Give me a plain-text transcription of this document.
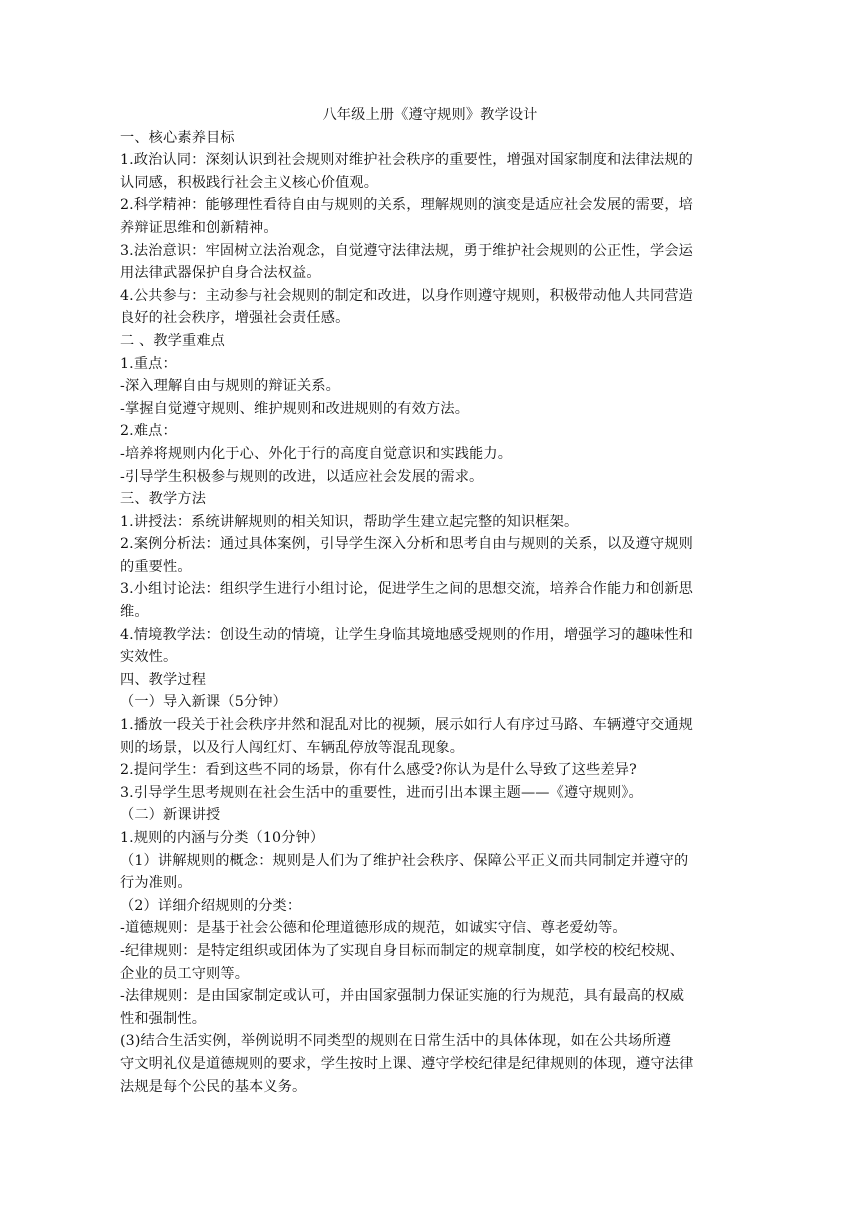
八年级上册《遵守规则》教学设计

一、核心素养目标

1.政治认同：深刻认识到社会规则对维护社会秩序的重要性，增强对国家制度和法律法规的

认同感，积极践行社会主义核心价值观。

2.科学精神：能够理性看待自由与规则的关系，理解规则的演变是适应社会发展的需要，培

养辩证思维和创新精神。

3.法治意识：牢固树立法治观念，自觉遵守法律法规，勇于维护社会规则的公正性，学会运

用法律武器保护自身合法权益。

4.公共参与：主动参与社会规则的制定和改进，以身作则遵守规则，积极带动他人共同营造

良好的社会秩序，增强社会责任感。

二 、教学重难点

1.重点：

-深入理解自由与规则的辩证关系。

-掌握自觉遵守规则、维护规则和改进规则的有效方法。

2.难点：

-培养将规则内化于心、外化于行的高度自觉意识和实践能力。

-引导学生积极参与规则的改进，以适应社会发展的需求。

三、教学方法

1.讲授法：系统讲解规则的相关知识，帮助学生建立起完整的知识框架。

2.案例分析法：通过具体案例，引导学生深入分析和思考自由与规则的关系，以及遵守规则

的重要性。

3.小组讨论法：组织学生进行小组讨论，促进学生之间的思想交流，培养合作能力和创新思

维。

4.情境教学法：创设生动的情境，让学生身临其境地感受规则的作用，增强学习的趣味性和

实效性。

四、教学过程

（一）导入新课（5分钟）

1.播放一段关于社会秩序井然和混乱对比的视频，展示如行人有序过马路、车辆遵守交通规

则的场景，以及行人闯红灯、车辆乱停放等混乱现象。

2.提问学生：看到这些不同的场景，你有什么感受?你认为是什么导致了这些差异?

3.引导学生思考规则在社会生活中的重要性，进而引出本课主题——《遵守规则》。

（二）新课讲授

1.规则的内涵与分类（10分钟）

（1）讲解规则的概念：规则是人们为了维护社会秩序、保障公平正义而共同制定并遵守的

行为准则。

（2）详细介绍规则的分类：

-道德规则：是基于社会公德和伦理道德形成的规范，如诚实守信、尊老爱幼等。

-纪律规则：是特定组织或团体为了实现自身目标而制定的规章制度，如学校的校纪校规、

企业的员工守则等。

-法律规则：是由国家制定或认可，并由国家强制力保证实施的行为规范，具有最高的权威

性和强制性。

(3)结合生活实例，举例说明不同类型的规则在日常生活中的具体体现，如在公共场所遵

守文明礼仪是道德规则的要求，学生按时上课、遵守学校纪律是纪律规则的体现，遵守法律

法规是每个公民的基本义务。
